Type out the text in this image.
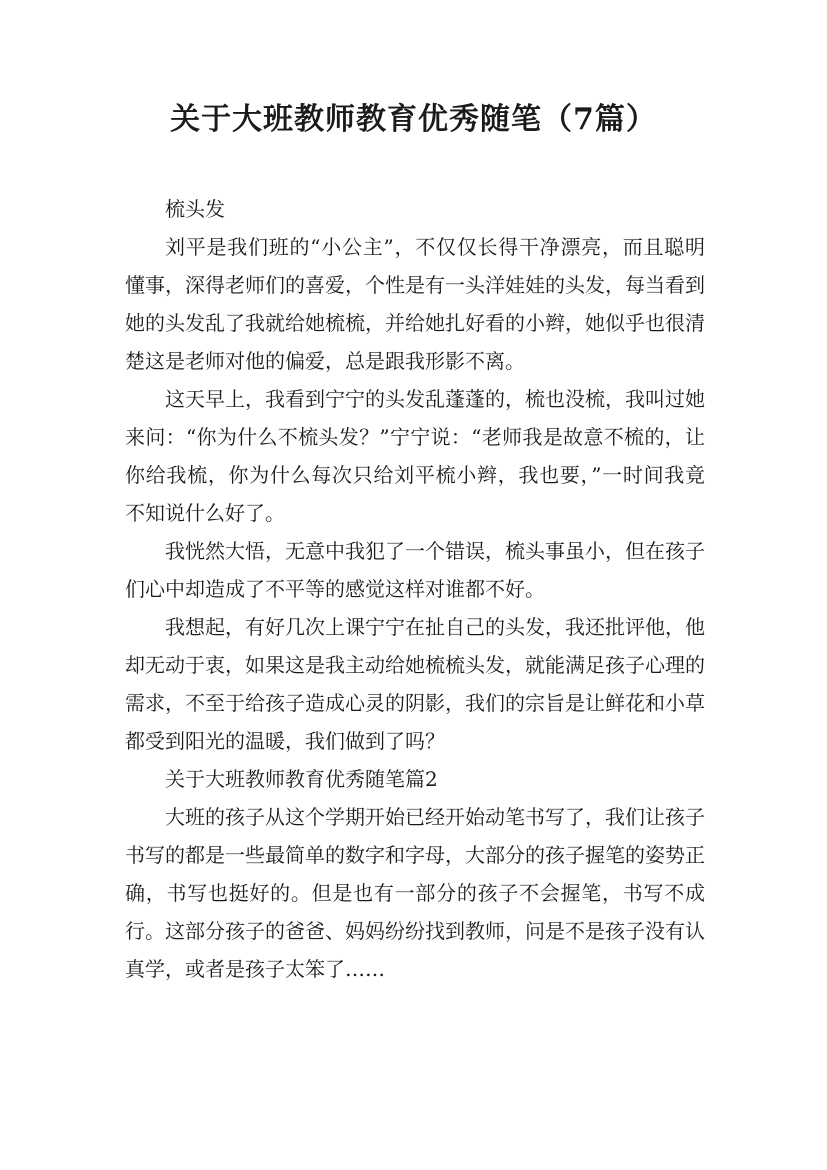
关于大班教师教育优秀随笔（7篇）

梳头发

刘平是我们班的“小公主”，不仅仅长得干净漂亮，而且聪明懂事，深得老师们的喜爱，个性是有一头洋娃娃的头发，每当看到她的头发乱了我就给她梳梳，并给她扎好看的小辫，她似乎也很清楚这是老师对他的偏爱，总是跟我形影不离。

这天早上，我看到宁宁的头发乱蓬蓬的，梳也没梳，我叫过她来问：“你为什么不梳头发？”宁宁说：“老师我是故意不梳的，让你给我梳，你为什么每次只给刘平梳小辫，我也要，”一时间我竟不知说什么好了。

我恍然大悟，无意中我犯了一个错误，梳头事虽小，但在孩子们心中却造成了不平等的感觉这样对谁都不好。

我想起，有好几次上课宁宁在扯自己的头发，我还批评他，他却无动于衷，如果这是我主动给她梳梳头发，就能满足孩子心理的需求，不至于给孩子造成心灵的阴影，我们的宗旨是让鲜花和小草都受到阳光的温暖，我们做到了吗？

关于大班教师教育优秀随笔篇2

大班的孩子从这个学期开始已经开始动笔书写了，我们让孩子书写的都是一些最简单的数字和字母，大部分的孩子握笔的姿势正确，书写也挺好的。但是也有一部分的孩子不会握笔，书写不成行。这部分孩子的爸爸、妈妈纷纷找到教师，问是不是孩子没有认真学，或者是孩子太笨了……
